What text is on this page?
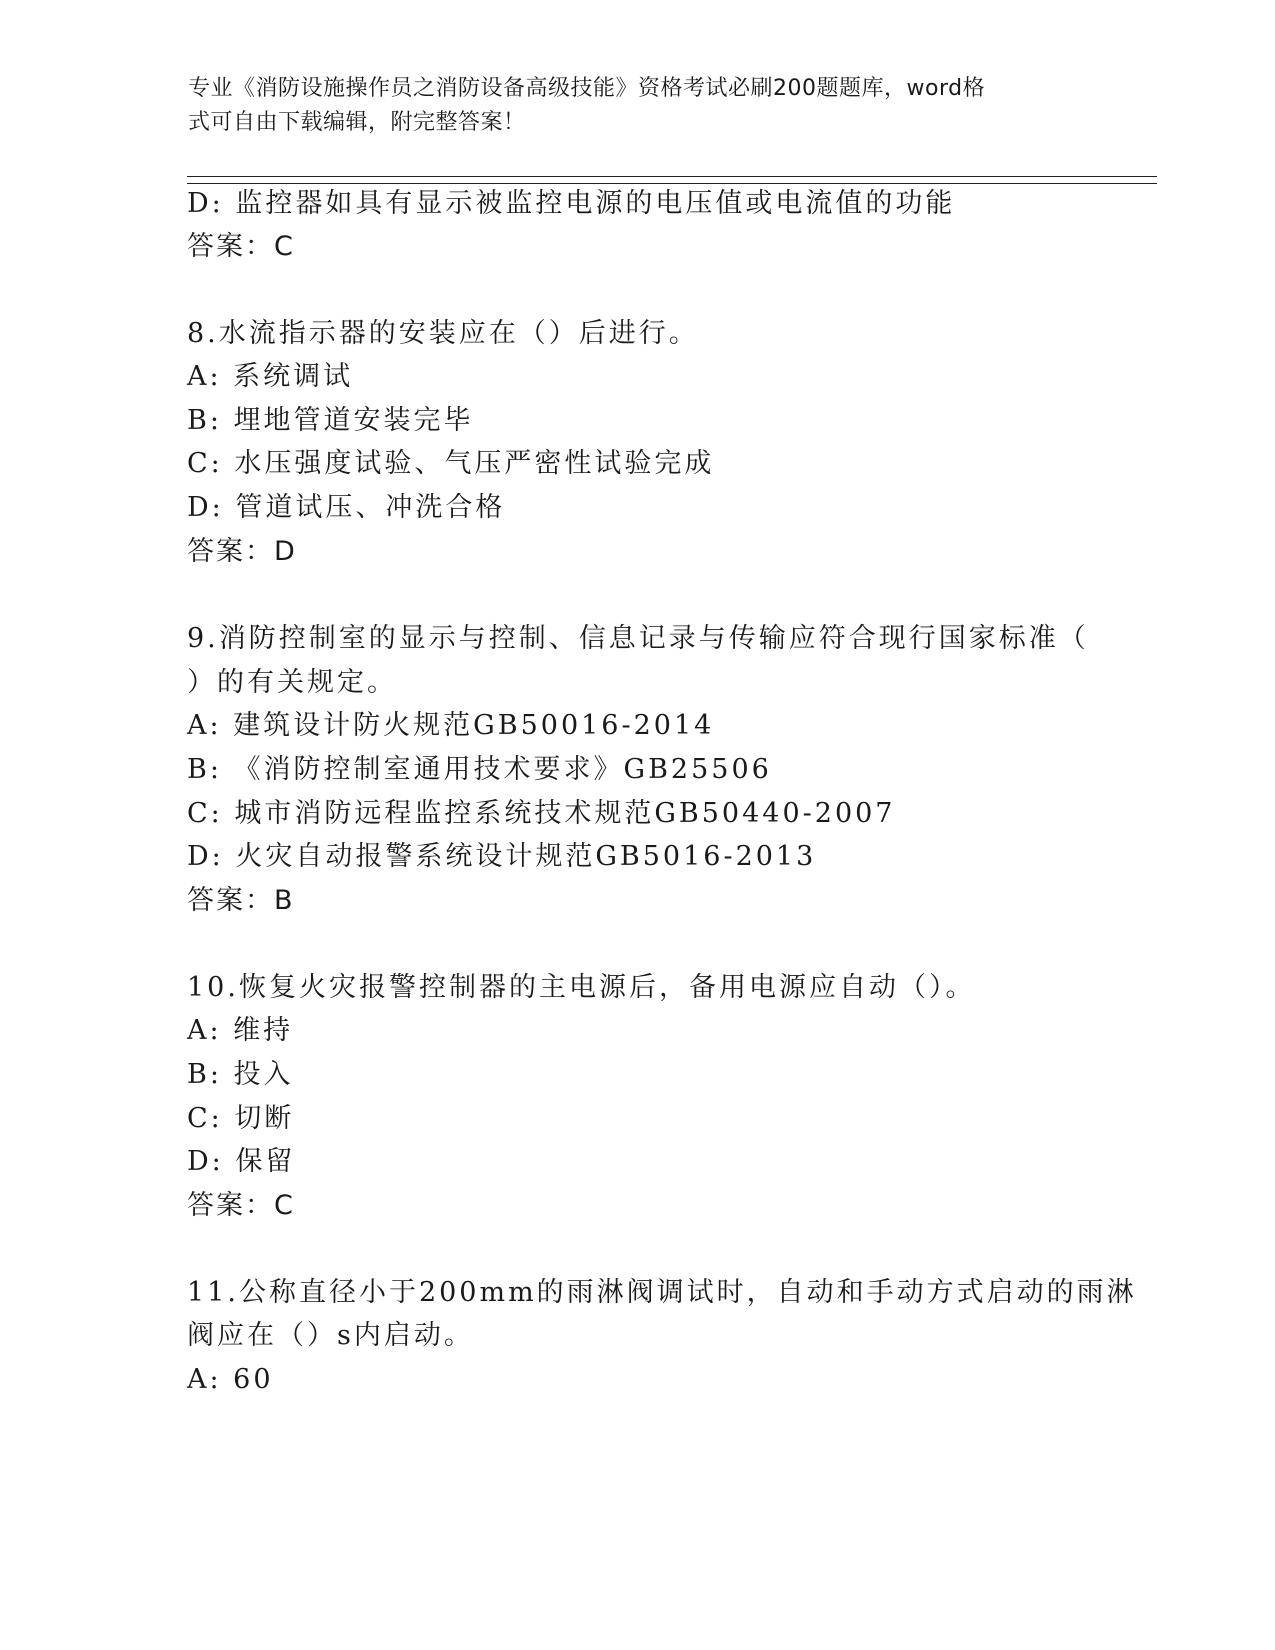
专业《消防设施操作员之消防设备高级技能》资格考试必刷200题题库，word格
式可自由下载编辑，附完整答案！
D: 监控器如具有显示被监控电源的电压值或电流值的功能
答案：C
8.水流指示器的安装应在（）后进行。
A: 系统调试
B: 埋地管道安装完毕
C: 水压强度试验、气压严密性试验完成
D: 管道试压、冲洗合格
答案：D
9.消防控制室的显示与控制、信息记录与传输应符合现行国家标准（
）的有关规定。
A: 建筑设计防火规范GB50016-2014
B: 《消防控制室通用技术要求》GB25506
C: 城市消防远程监控系统技术规范GB50440-2007
D: 火灾自动报警系统设计规范GB5016-2013
答案：B
10.恢复火灾报警控制器的主电源后，备用电源应自动（）。
A: 维持
B: 投入
C: 切断
D: 保留
答案：C
11.公称直径小于200mm的雨淋阀调试时，自动和手动方式启动的雨淋
阀应在（）s内启动。
A: 60
